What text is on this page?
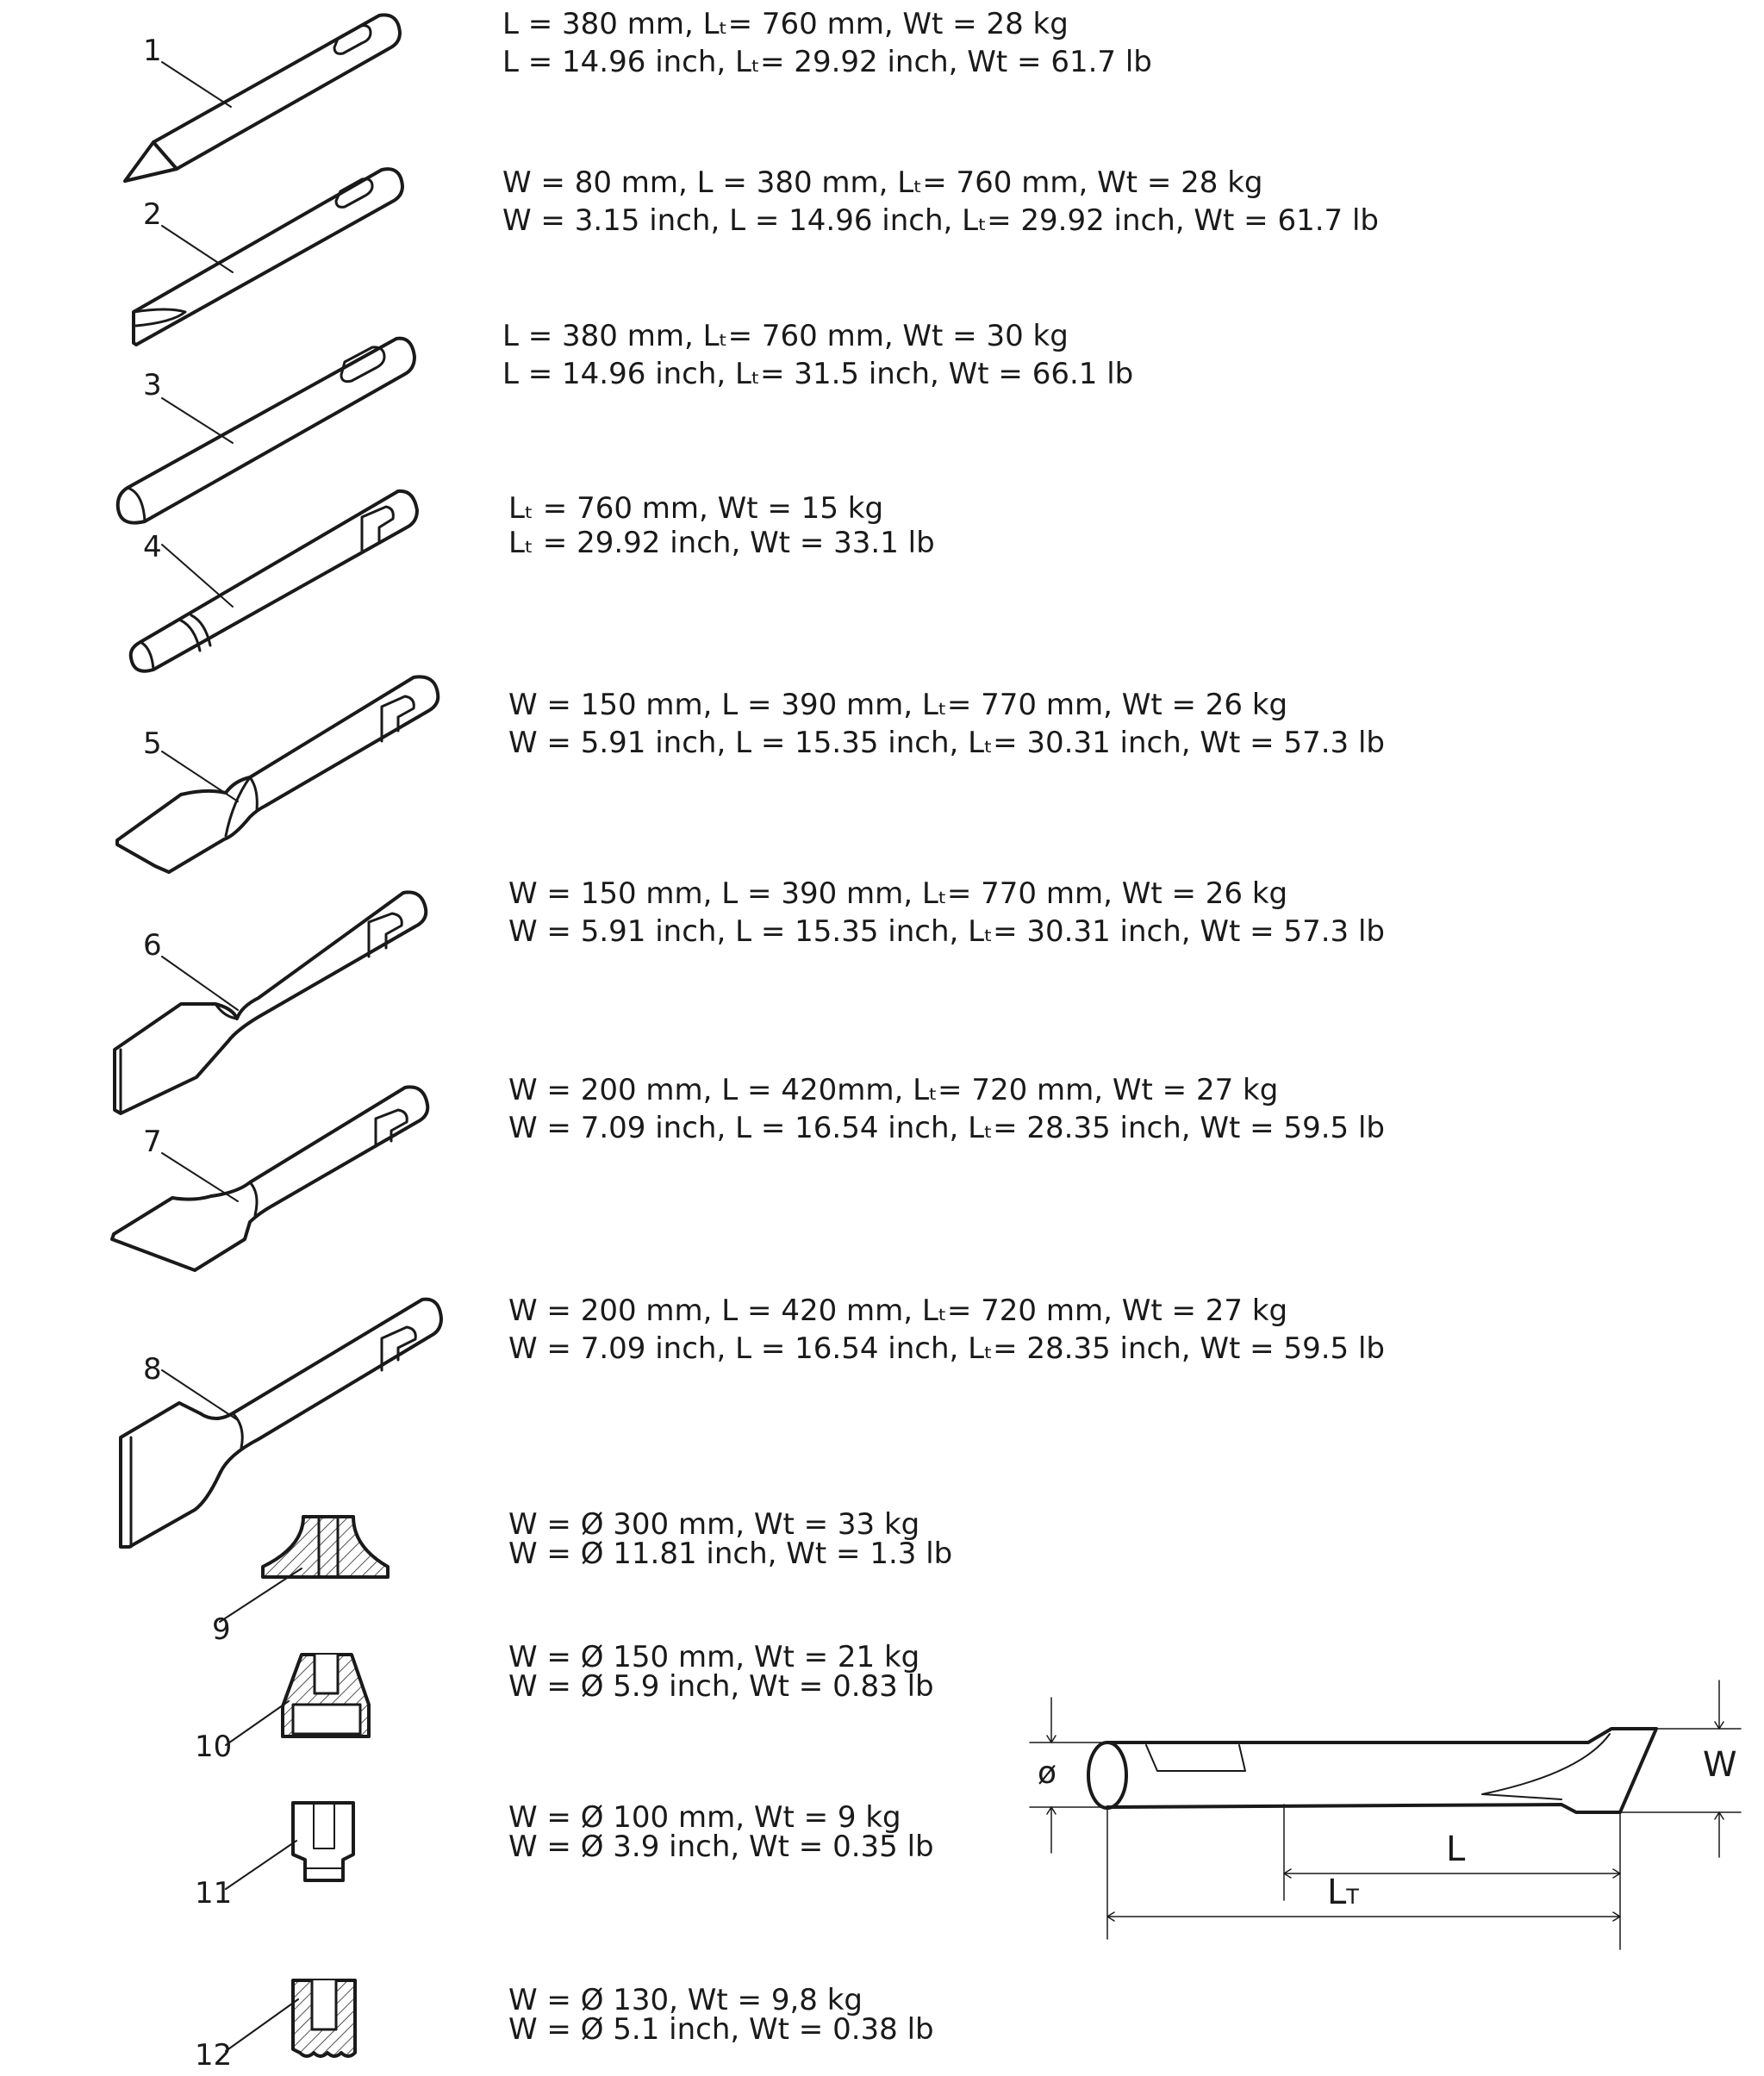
1
2
3
4
5
6
7
8
9
10
11
12
L = 380 mm, Lₜ= 760 mm, Wt = 28 kg
L = 14.96 inch, Lₜ= 29.92 inch, Wt = 61.7 lb
W = 80 mm, L = 380 mm, Lₜ= 760 mm, Wt = 28 kg
W = 3.15 inch, L = 14.96 inch, Lₜ= 29.92 inch, Wt = 61.7 lb
L = 380 mm, Lₜ= 760 mm, Wt = 30 kg
L = 14.96 inch, Lₜ= 31.5 inch, Wt = 66.1 lb
Lₜ = 760 mm, Wt = 15 kg
Lₜ = 29.92 inch, Wt = 33.1 lb
W = 150 mm, L = 390 mm, Lₜ= 770 mm, Wt = 26 kg
W = 5.91 inch, L = 15.35 inch, Lₜ= 30.31 inch, Wt = 57.3 lb
W = 150 mm, L = 390 mm, Lₜ= 770 mm, Wt = 26 kg
W = 5.91 inch, L = 15.35 inch, Lₜ= 30.31 inch, Wt = 57.3 lb
W = 200 mm, L = 420mm, Lₜ= 720 mm, Wt = 27 kg
W = 7.09 inch, L = 16.54 inch, Lₜ= 28.35 inch, Wt = 59.5 lb
W = 200 mm, L = 420 mm, Lₜ= 720 mm, Wt = 27 kg
W = 7.09 inch, L = 16.54 inch, Lₜ= 28.35 inch, Wt = 59.5 lb
W = Ø 300 mm, Wt = 33 kg
W = Ø 11.81 inch, Wt = 1.3 lb
W = Ø 150 mm, Wt = 21 kg
W = Ø 5.9 inch, Wt = 0.83 lb
W = Ø 100 mm, Wt = 9 kg
W = Ø 3.9 inch, Wt = 0.35 lb
W = Ø 130, Wt = 9,8 kg
W = Ø 5.1 inch, Wt = 0.38 lb
ø	W
L
LT
